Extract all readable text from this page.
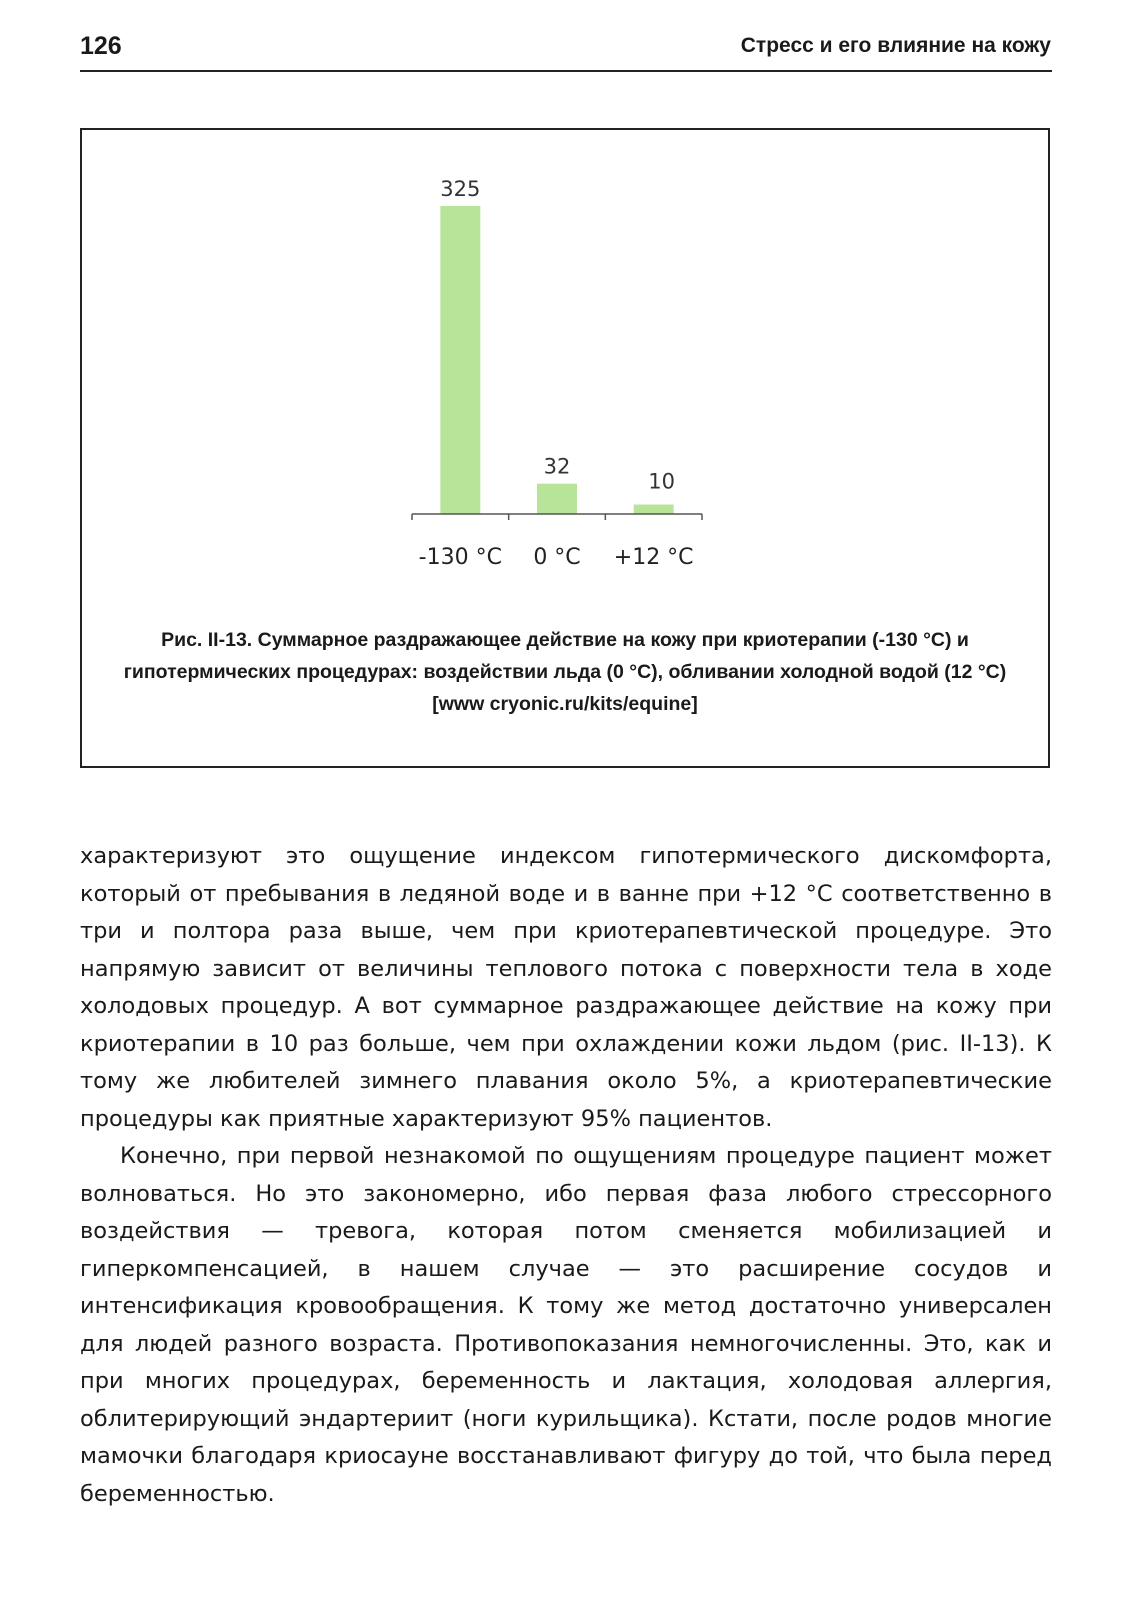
126	Стресс и его влияние на кожу
325
32
10
-130 °C 0 °C +12 °C
Рис. II-13. Суммарное раздражающее действие на кожу при криотерапии (-130 °С) и гипотермических процедурах: воздействии льда (0 °С), обливании холодной водой (12 °С) [www cryonic.ru/kits/equine]

характеризуют это ощущение индексом гипотермического дискомфорта, который от пребывания в ледяной воде и в ванне при +12 °С соответственно в три и полтора раза выше, чем при криотерапевтической процедуре. Это напрямую зависит от величины теплового потока с поверхности тела в ходе холодовых процедур. А вот суммарное раздражающее действие на кожу при криотерапии в 10 раз больше, чем при охлаждении кожи льдом (рис. II-13). К тому же любителей зимнего плавания около 5%, а криотерапевтические процедуры как приятные характеризуют 95% пациентов.

Конечно, при первой незнакомой по ощущениям процедуре пациент может волноваться. Но это закономерно, ибо первая фаза любого стрессорного воздействия — тревога, которая потом сменяется мобилизацией и гиперкомпенсацией, в нашем случае — это расширение сосудов и интенсификация кровообращения. К тому же метод достаточно универсален для людей разного возраста. Противопоказания немногочисленны. Это, как и при многих процедурах, беременность и лактация, холодовая аллергия, облитерирующий эндартериит (ноги курильщика). Кстати, после родов многие мамочки благодаря криосауне восстанавливают фигуру до той, что была перед беременностью.
